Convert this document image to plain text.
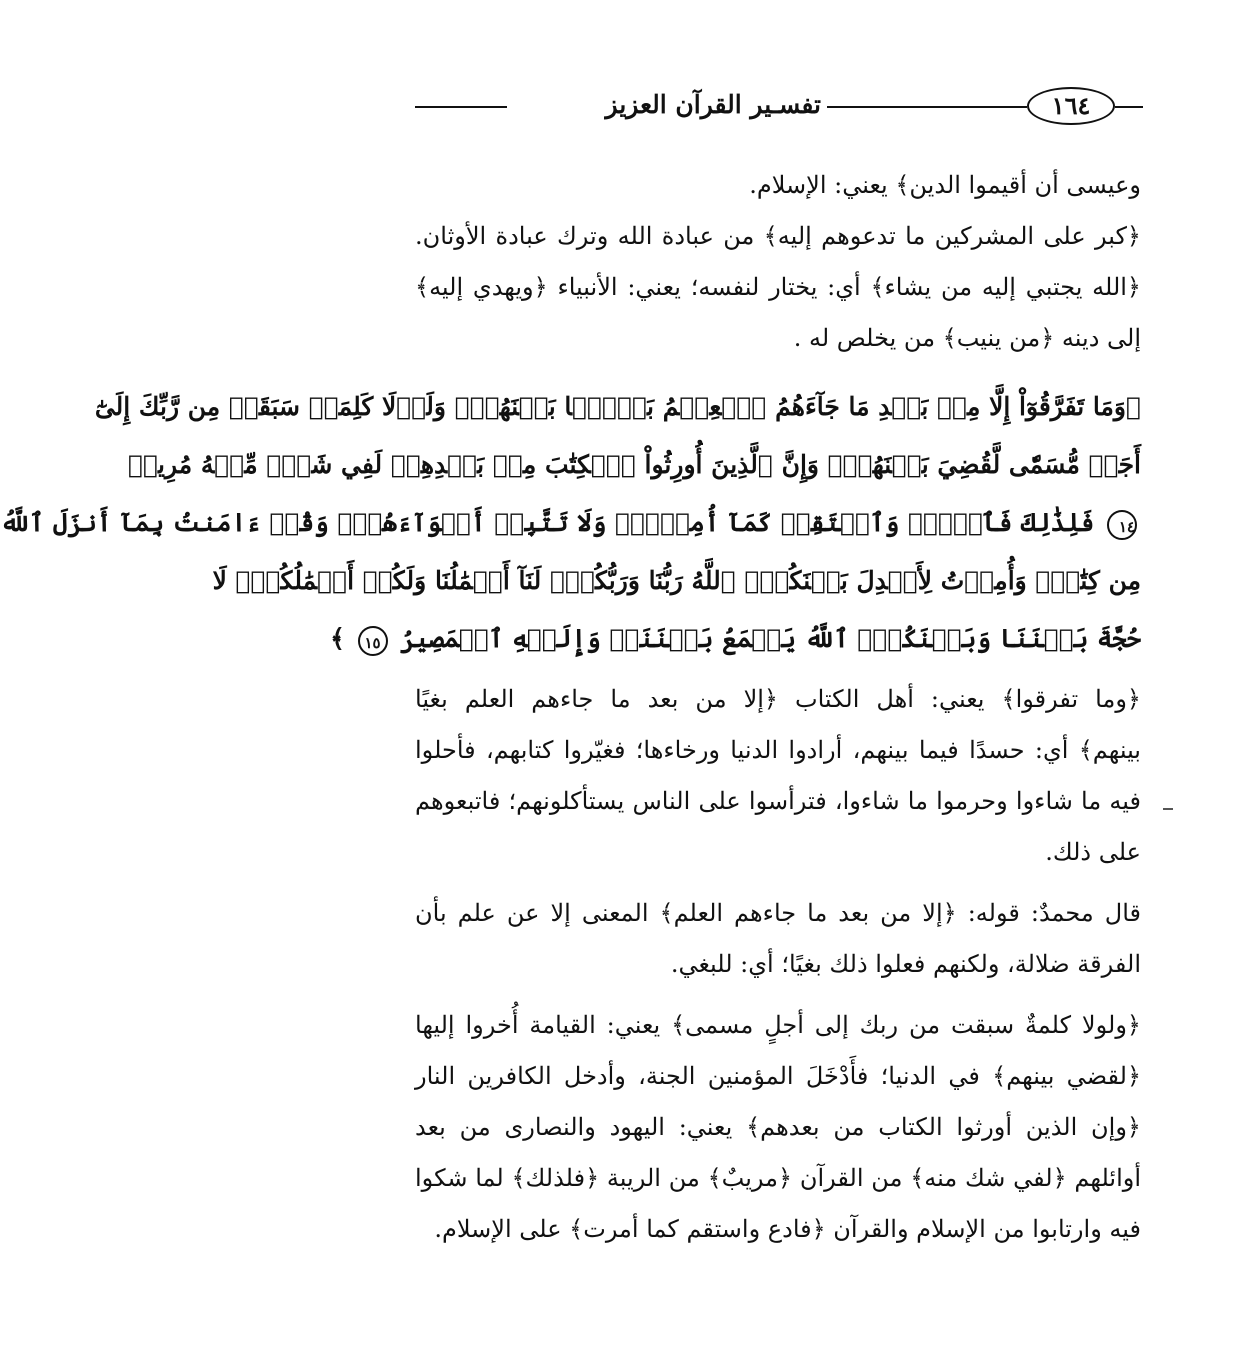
١٦٤
تفسـير القرآن العزيز
وعيسى أن أقيموا الدين﴾ يعني: الإسلام.
﴿كبر على المشركين ما تدعوهم إليه﴾ من عبادة الله وترك عبادة الأوثان.
﴿الله يجتبي إليه من يشاء﴾ أي: يختار لنفسه؛ يعني: الأنبياء ﴿ويهدي إليه﴾
إلى دينه ﴿من ينيب﴾ من يخلص له .
﴿وَمَا تَفَرَّقُوٓاْ إِلَّا مِنۢ بَعۡدِ مَا جَآءَهُمُ ٱلۡعِلۡمُ بَغۡيَۢا بَيۡنَهُمۡۚ وَلَوۡلَا كَلِمَةٞ سَبَقَتۡ مِن رَّبِّكَ إِلَىٰٓ
أَجَلٖ مُّسَمّٗى لَّقُضِيَ بَيۡنَهُمۡۚ وَإِنَّ ٱلَّذِينَ أُورِثُواْ ٱلۡكِتَٰبَ مِنۢ بَعۡدِهِمۡ لَفِي شَكّٖ مِّنۡهُ مُرِيبٖ
١٤ فَلِذَٰلِكَ فَٱدۡعُۖ وَٱسۡتَقِمۡ كَمَآ أُمِرۡتَۖ وَلَا تَتَّبِعۡ أَهۡوَآءَهُمۡۖ وَقُلۡ ءَامَنتُ بِمَآ أَنزَلَ ٱللَّهُ
مِن كِتَٰبٖۖ وَأُمِرۡتُ لِأَعۡدِلَ بَيۡنَكُمُۖ ٱللَّهُ رَبُّنَا وَرَبُّكُمۡۖ لَنَآ أَعۡمَٰلُنَا وَلَكُمۡ أَعۡمَٰلُكُمۡۖ لَا
حُجَّةَ بَيۡنَنَا وَبَيۡنَكُمُۖ ٱللَّهُ يَجۡمَعُ بَيۡنَنَاۖ وَإِلَيۡهِ ٱلۡمَصِيرُ ١٥ ﴾
﴿وما تفرقوا﴾ يعني: أهل الكتاب ﴿إلا من بعد ما جاءهم العلم بغيًا
بينهم﴾ أي: حسدًا فيما بينهم، أرادوا الدنيا ورخاءها؛ فغيّروا كتابهم، فأحلوا
فيه ما شاءوا وحرموا ما شاءوا، فترأسوا على الناس يستأكلونهم؛ فاتبعوهم
على ذلك.
قال محمدٌ: قوله: ﴿إلا من بعد ما جاءهم العلم﴾ المعنى إلا عن علم بأن
الفرقة ضلالة، ولكنهم فعلوا ذلك بغيًا؛ أي: للبغي.
﴿ولولا كلمةٌ سبقت من ربك إلى أجلٍ مسمى﴾ يعني: القيامة أُخروا إليها
﴿لقضي بينهم﴾ في الدنيا؛ فأَدْخَلَ المؤمنين الجنة، وأدخل الكافرين النار
﴿وإن الذين أورثوا الكتاب من بعدهم﴾ يعني: اليهود والنصارى من بعد
أوائلهم ﴿لفي شك منه﴾ من القرآن ﴿مريبٌ﴾ من الريبة ﴿فلذلك﴾ لما شكوا
فيه وارتابوا من الإسلام والقرآن ﴿فادع واستقم كما أمرت﴾ على الإسلام.
